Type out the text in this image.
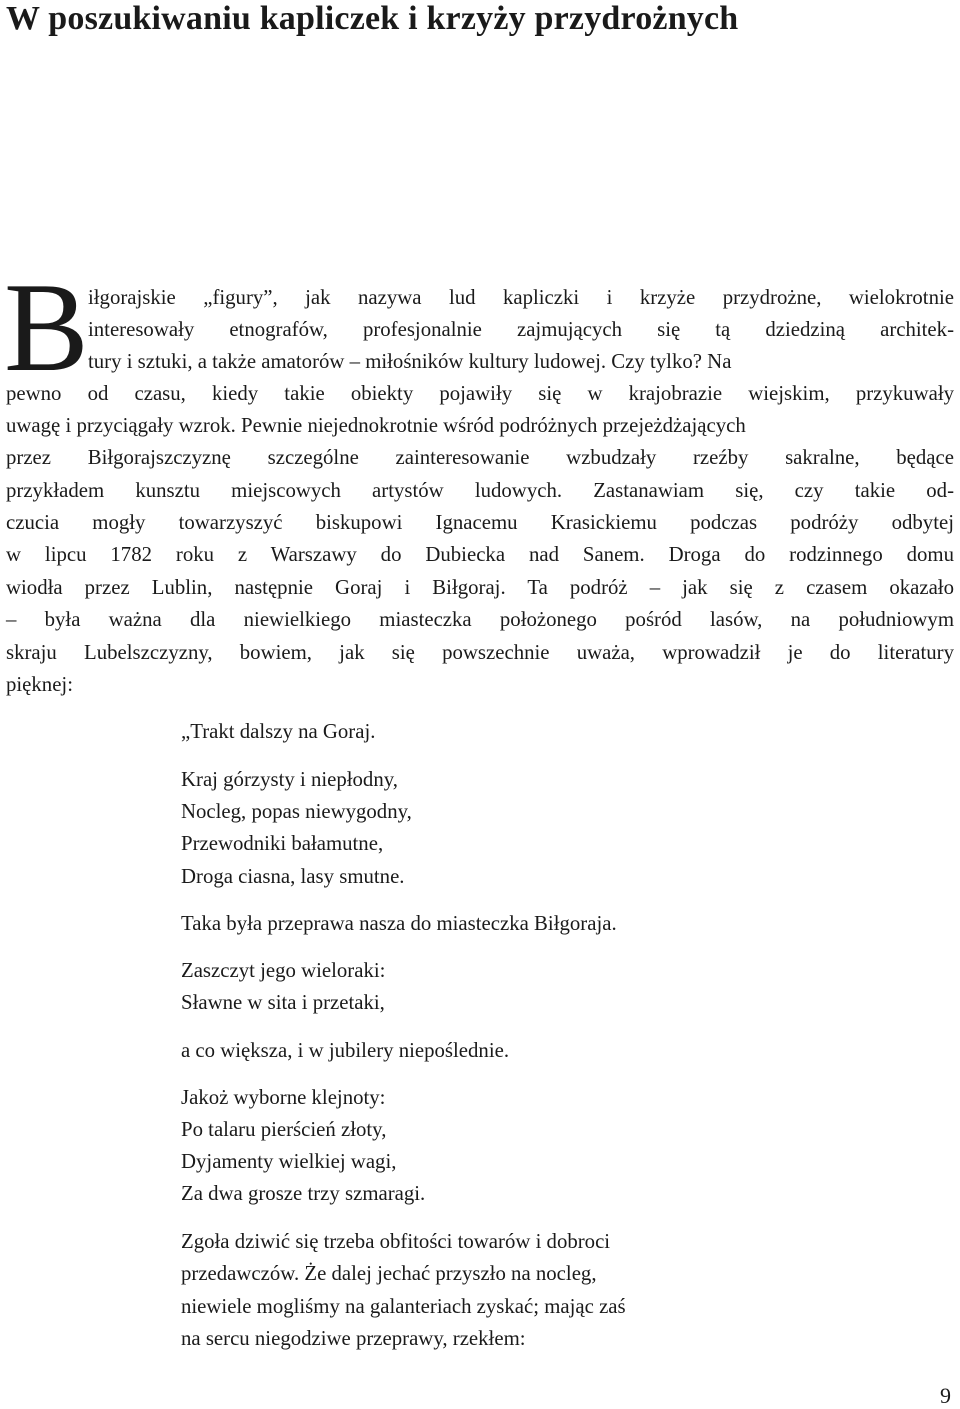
W poszukiwaniu kapliczek i krzyży przydrożnych
B iłgorajskie „figury”, jak nazywa lud kapliczki i krzyże przydrożne, wielokrotnie
interesowały etnografów, profesjonalnie zajmujących się tą dziedziną architek-
tury i sztuki, a także amatorów – miłośników kultury ludowej. Czy tylko? Na
pewno od czasu, kiedy takie obiekty pojawiły się w krajobrazie wiejskim, przykuwały
uwagę i przyciągały wzrok. Pewnie niejednokrotnie wśród podróżnych przejeżdżających
przez Biłgorajszczyznę szczególne zainteresowanie wzbudzały rzeźby sakralne, będące
przykładem kunsztu miejscowych artystów ludowych. Zastanawiam się, czy takie od-
czucia mogły towarzyszyć biskupowi Ignacemu Krasickiemu podczas podróży odbytej
w lipcu 1782 roku z Warszawy do Dubiecka nad Sanem. Droga do rodzinnego domu
wiodła przez Lublin, następnie Goraj i Biłgoraj. Ta podróż – jak się z czasem okazało
– była ważna dla niewielkiego miasteczka położonego pośród lasów, na południowym
skraju Lubelszczyzny, bowiem, jak się powszechnie uważa, wprowadził je do literatury
pięknej:
„Trakt dalszy na Goraj.
Kraj górzysty i niepłodny,
Nocleg, popas niewygodny,
Przewodniki bałamutne,
Droga ciasna, lasy smutne.
Taka była przeprawa nasza do miasteczka Biłgoraja.
Zaszczyt jego wieloraki:
Sławne w sita i przetaki,
a co większa, i w jubilery niepoślednie.
Jakoż wyborne klejnoty:
Po talaru pierścień złoty,
Dyjamenty wielkiej wagi,
Za dwa grosze trzy szmaragi.
Zgoła dziwić się trzeba obfitości towarów i dobroci
przedawczów. Że dalej jechać przyszło na nocleg,
niewiele mogliśmy na galanteriach zyskać; mając zaś
na sercu niegodziwe przeprawy, rzekłem:
9
